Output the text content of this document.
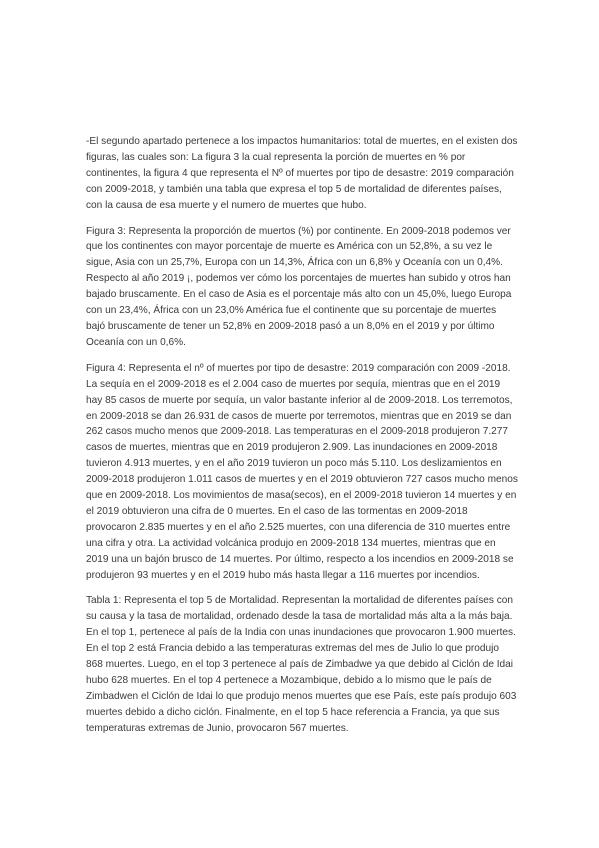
-El segundo apartado pertenece a los impactos humanitarios: total de muertes, en el existen dos figuras, las cuales son: La figura 3 la cual representa la porción de muertes en % por continentes, la figura 4 que representa el Nº of muertes por tipo de desastre: 2019 comparación con 2009-2018, y también una tabla que expresa el top 5 de mortalidad de diferentes países, con la causa de esa muerte y el numero de muertes que hubo.

Figura 3: Representa la proporción de muertos (%) por continente. En 2009-2018 podemos ver que los continentes con mayor porcentaje de muerte es América con un 52,8%, a su vez le sigue, Asia con un 25,7%, Europa con un 14,3%, África con un 6,8% y Oceanía con un 0,4%. Respecto al año 2019 ¡, podemos ver cómo los porcentajes de muertes han subido y otros han bajado bruscamente. En el caso de Asia es el porcentaje más alto con un 45,0%, luego Europa con un 23,4%, África con un 23,0% América fue el continente que su porcentaje de muertes bajó bruscamente de tener un 52,8% en 2009-2018 pasó a un 8,0% en el 2019 y por último Oceanía con un 0,6%.

Figura 4: Representa el nº of muertes por tipo de desastre: 2019 comparación con 2009 -2018. La sequía en el 2009-2018 es el 2.004 caso de muertes por sequía, mientras que en el 2019 hay 85 casos de muerte por sequía, un valor bastante inferior al de 2009-2018. Los terremotos, en 2009-2018 se dan 26.931 de casos de muerte por terremotos, mientras que en 2019 se dan 262 casos mucho menos que 2009-2018. Las temperaturas en el 2009-2018 produjeron 7.277 casos de muertes, mientras que en 2019 produjeron 2.909. Las inundaciones en 2009-2018 tuvieron 4.913 muertes, y en el año 2019 tuvieron un poco más 5.110. Los deslizamientos en 2009-2018 produjeron 1.011 casos de muertes y en el 2019 obtuvieron 727 casos mucho menos que en 2009-2018. Los movimientos de masa(secos), en el 2009-2018 tuvieron 14 muertes y en el 2019 obtuvieron una cifra de 0 muertes. En el caso de las tormentas en 2009-2018 provocaron 2.835 muertes y en el año 2.525 muertes, con una diferencia de 310 muertes entre una cifra y otra. La actividad volcánica produjo en 2009-2018 134 muertes, mientras que en 2019 una un bajón brusco de 14 muertes. Por último, respecto a los incendios en 2009-2018 se produjeron 93 muertes y en el 2019 hubo más hasta llegar a 116 muertes por incendios.

Tabla 1: Representa el top 5 de Mortalidad. Representan la mortalidad de diferentes países con su causa y la tasa de mortalidad, ordenado desde la tasa de mortalidad más alta a la más baja. En el top 1, pertenece al país de la India con unas inundaciones que provocaron 1.900 muertes. En el top 2 está Francia debido a las temperaturas extremas del mes de Julio lo que produjo 868 muertes. Luego, en el top 3 pertenece al país de Zimbadwe ya que debido al Ciclón de Idai hubo 628 muertes. En el top 4 pertenece a Mozambique, debido a lo mismo que le país de Zimbadwen el Ciclón de Idai lo que produjo menos muertes que ese País, este país produjo 603 muertes debido a dicho ciclón. Finalmente, en el top 5 hace referencia a Francia, ya que sus temperaturas extremas de Junio, provocaron 567 muertes.
